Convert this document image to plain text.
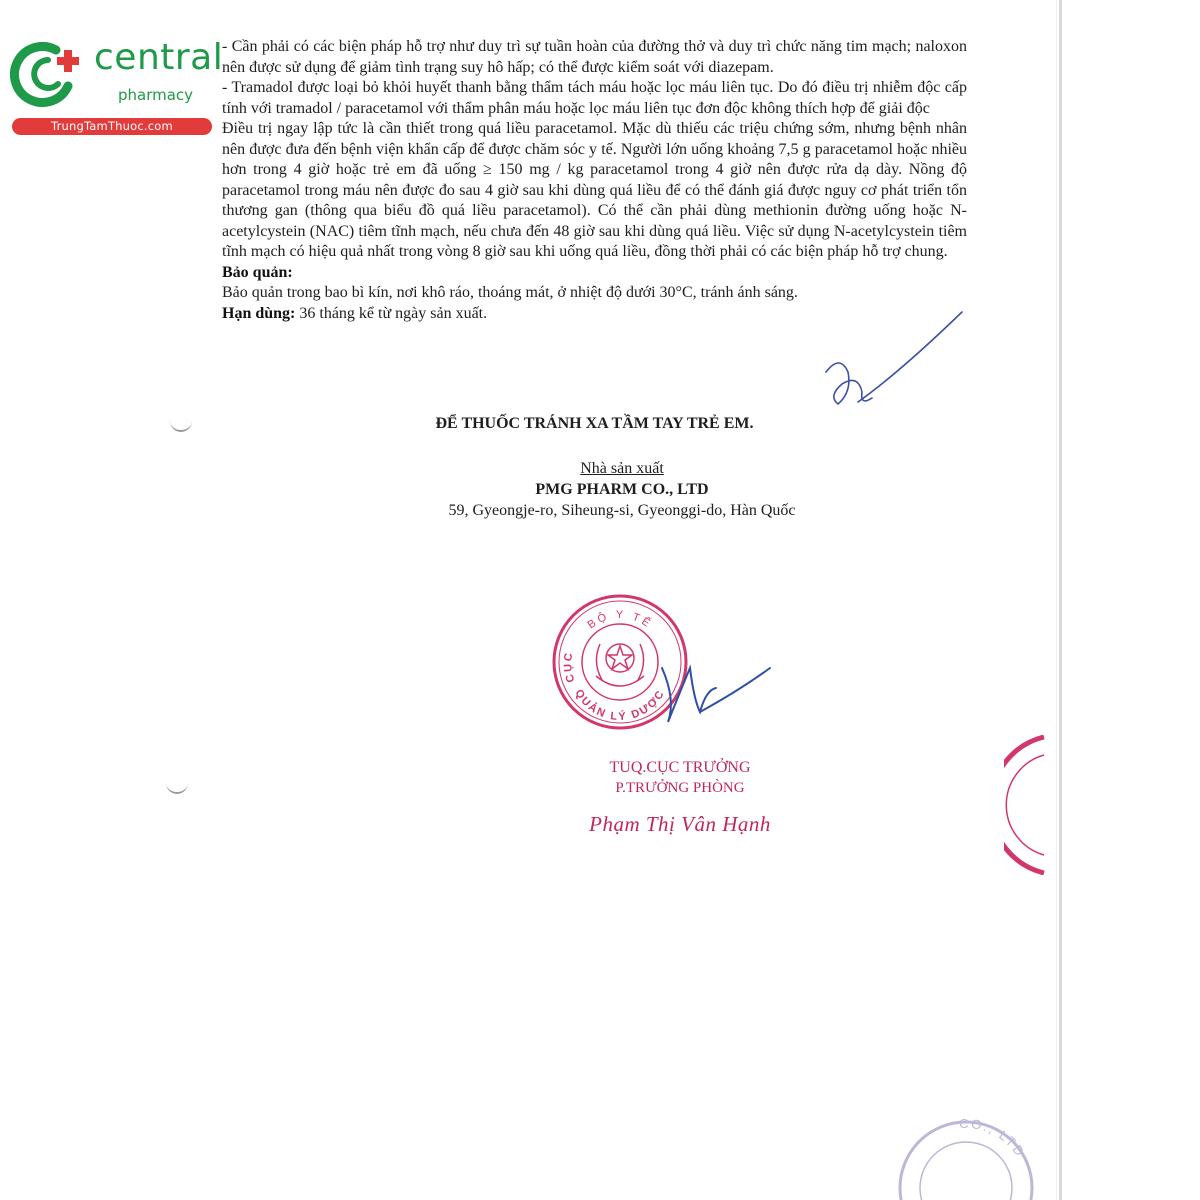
central
pharmacy
TrungTamThuoc.com

- Cần phải có các biện pháp hỗ trợ như duy trì sự tuần hoàn của đường thở và duy trì chức năng tim mạch; naloxon nên được sử dụng để giảm tình trạng suy hô hấp; có thể được kiểm soát với diazepam.

- Tramadol được loại bỏ khỏi huyết thanh bằng thẩm tách máu hoặc lọc máu liên tục. Do đó điều trị nhiễm độc cấp tính với tramadol / paracetamol với thẩm phân máu hoặc lọc máu liên tục đơn độc không thích hợp để giải độc

Điều trị ngay lập tức là cần thiết trong quá liều paracetamol. Mặc dù thiếu các triệu chứng sớm, nhưng bệnh nhân nên được đưa đến bệnh viện khẩn cấp để được chăm sóc y tế. Người lớn uống khoảng 7,5 g paracetamol hoặc nhiều hơn trong 4 giờ hoặc trẻ em đã uống ≥ 150 mg / kg paracetamol trong 4 giờ nên được rửa dạ dày. Nồng độ paracetamol trong máu nên được đo sau 4 giờ sau khi dùng quá liều để có thể đánh giá được nguy cơ phát triển tổn thương gan (thông qua biểu đồ quá liều paracetamol). Có thể cần phải dùng methionin đường uống hoặc N-acetylcystein (NAC) tiêm tĩnh mạch, nếu chưa đến 48 giờ sau khi dùng quá liều. Việc sử dụng N-acetylcystein tiêm tĩnh mạch có hiệu quả nhất trong vòng 8 giờ sau khi uống quá liều, đồng thời phải có các biện pháp hỗ trợ chung.

Bảo quản:

Bảo quản trong bao bì kín, nơi khô ráo, thoáng mát, ở nhiệt độ dưới 30°C, tránh ánh sáng.

Hạn dùng: 36 tháng kể từ ngày sản xuất.

ĐỂ THUỐC TRÁNH XA TẦM TAY TRẺ EM.
Nhà sản xuất
PMG PHARM CO., LTD
59, Gyeongje-ro, Siheung-si, Gyeonggi-do, Hàn Quốc
BỘ Y TẾ
CỤC
QUẢN LÝ DƯỢC
TUQ.CỤC TRƯỞNG
P.TRƯỞNG PHÒNG
Phạm Thị Vân Hạnh
CO., LTD
